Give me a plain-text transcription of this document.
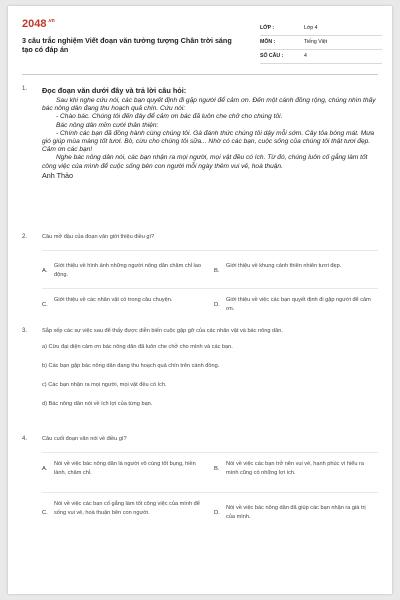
$2048^{.vn}$
3 câu trắc nghiệm Viết đoạn văn tưởng tượng Chân trời sáng tạo có đáp án
LỚP :	Lớp 4
MÔN :	Tiếng Việt
SỐ CÂU :	4
1. Đọc đoạn văn dưới đây và trả lời câu hỏi:

Sau khi nghe cứu nói, các bạn quyết định đi gặp người để cảm ơn. Đến một cánh đồng rộng, chúng nhìn thấy bác nông dân đang thu hoạch quả chín. Cứu nói:

- Chào bác. Chúng tôi đến đây để cảm ơn bác đã luôn che chở cho chúng tôi.

Bác nông dân mỉm cười thân thiện:

- Chính các bạn đã đồng hành cùng chúng tôi. Gà đánh thức chúng tôi dậy mỗi sớm. Cây tỏa bóng mát. Mưa gió giúp mùa màng tốt tươi. Bò, cừu cho chúng tôi sữa... Nhờ có các bạn, cuộc sống của chúng tôi thật tươi đẹp. Cảm ơn các bạn!

Nghe bác nông dân nói, các bạn nhận ra mọi người, mọi vật đều có ích. Từ đó, chúng luôn cố gắng làm tốt công việc của mình để cuộc sống bên con người mỗi ngày thêm vui vẻ, hoà thuận.

Anh Thảo
2.	Câu mở đầu của đoạn văn giới thiệu điều gì?
A.
Giới thiệu về hình ảnh những người nông dân chăm chỉ lao động.
B.
Giới thiệu về khung cảnh thiên nhiên tươi đẹp.
C.
Giới thiệu về các nhân vật có trong câu chuyện.
D.
Giới thiệu về việc các bạn quyết định đi gặp người để cảm ơn.
3.	Sắp xếp các sự việc sau để thấy được diễn biến cuộc gặp gỡ của các nhân vật và bác nông dân.
a) Cừu đại diện cảm ơn bác nông dân đã luôn che chở cho mình và các bạn.
b) Các bạn gặp bác nông dân đang thu hoạch quả chín trên cánh đồng.
c) Các bạn nhận ra mọi người, mọi vật đều có ích.
d) Bác nông dân nói về ích lợi của từng bạn.
4.	Câu cuối đoạn văn nói về điều gì?
A.
Nói về việc bác nông dân là người vô cùng tốt bụng, hiền lành, chăm chỉ.
B.
Nói về việc các bạn trở nên vui vẻ, hạnh phúc vì hiểu ra mình cũng có những lợi ích.
C.
Nói về việc các bạn cố gắng làm tốt công việc của mình để sống vui vẻ, hoà thuận bên con người.	D.
Nói về việc bác nông dân đã giúp các bạn nhận ra giá trị của mình.
